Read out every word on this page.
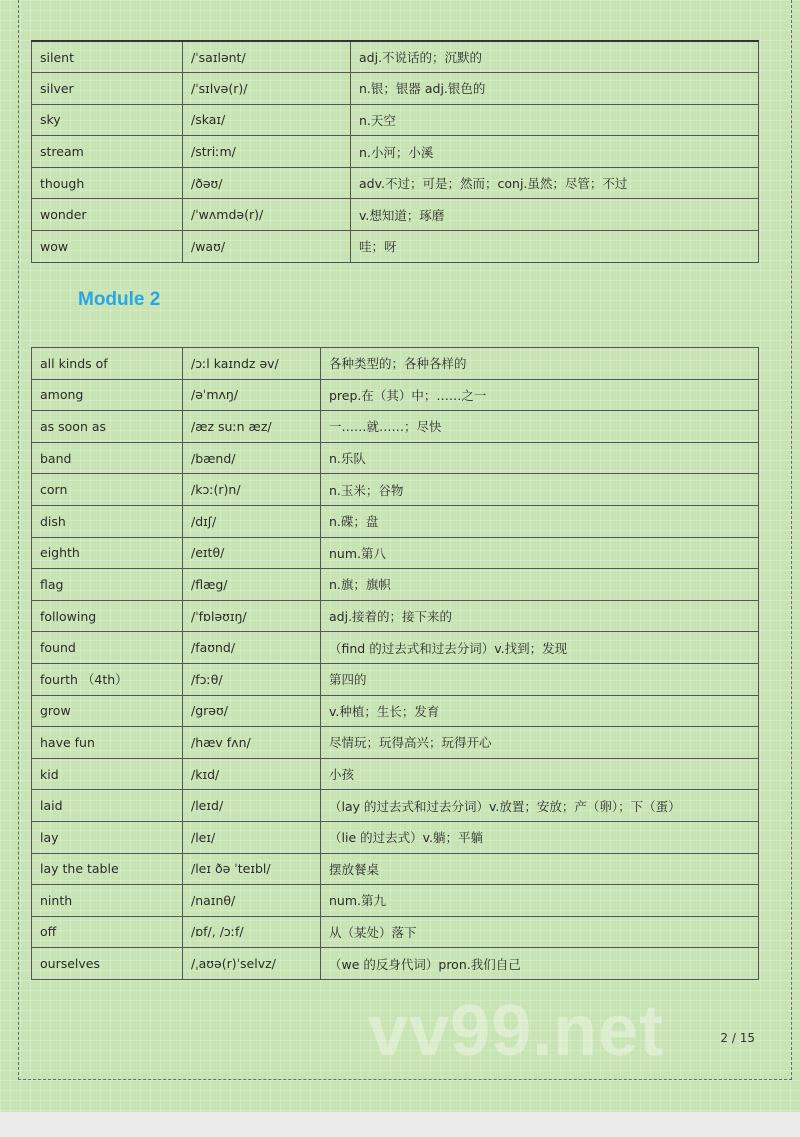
silent	/ˈsaɪlənt/	adj.不说话的；沉默的
silver	/ˈsɪlvə(r)/	n.银；银器 adj.银色的
sky	/skaɪ/	n.天空
stream	/striːm/	n.小河；小溪
though	/ðəʊ/	adv.不过；可是；然而；conj.虽然；尽管；不过
wonder	/ˈwʌmdə(r)/	v.想知道；琢磨
wow	/waʊ/	哇；呀
Module 2
all kinds of	/ɔːl kaɪndz əv/	各种类型的；各种各样的
among	/əˈmʌŋ/	prep.在（其）中；……之一
as soon as	/æz suːn æz/	一……就……；尽快
band	/bænd/	n.乐队
corn	/kɔː(r)n/	n.玉米；谷物
dish	/dɪʃ/	n.碟；盘
eighth	/eɪtθ/	num.第八
flag	/flæg/	n.旗；旗帜
following	/ˈfɒləʊɪŋ/	adj.接着的；接下来的
found	/faʊnd/	（find 的过去式和过去分词）v.找到；发现
fourth （4th）	/fɔːθ/	第四的
grow	/grəʊ/	v.种植；生长；发育
have fun	/hæv fʌn/	尽情玩；玩得高兴；玩得开心
kid	/kɪd/	小孩
laid	/leɪd/	（lay 的过去式和过去分词）v.放置；安放；产（卵）；下（蛋）
lay	/leɪ/	（lie 的过去式）v.躺；平躺
lay the table	/leɪ ðə ˈteɪbl/	摆放餐桌
ninth	/naɪnθ/	num.第九
off	/ɒf/, /ɔːf/	从（某处）落下
ourselves	/ˌaʊə(r)ˈselvz/	（we 的反身代词）pron.我们自己
vv99.net	2 / 15
